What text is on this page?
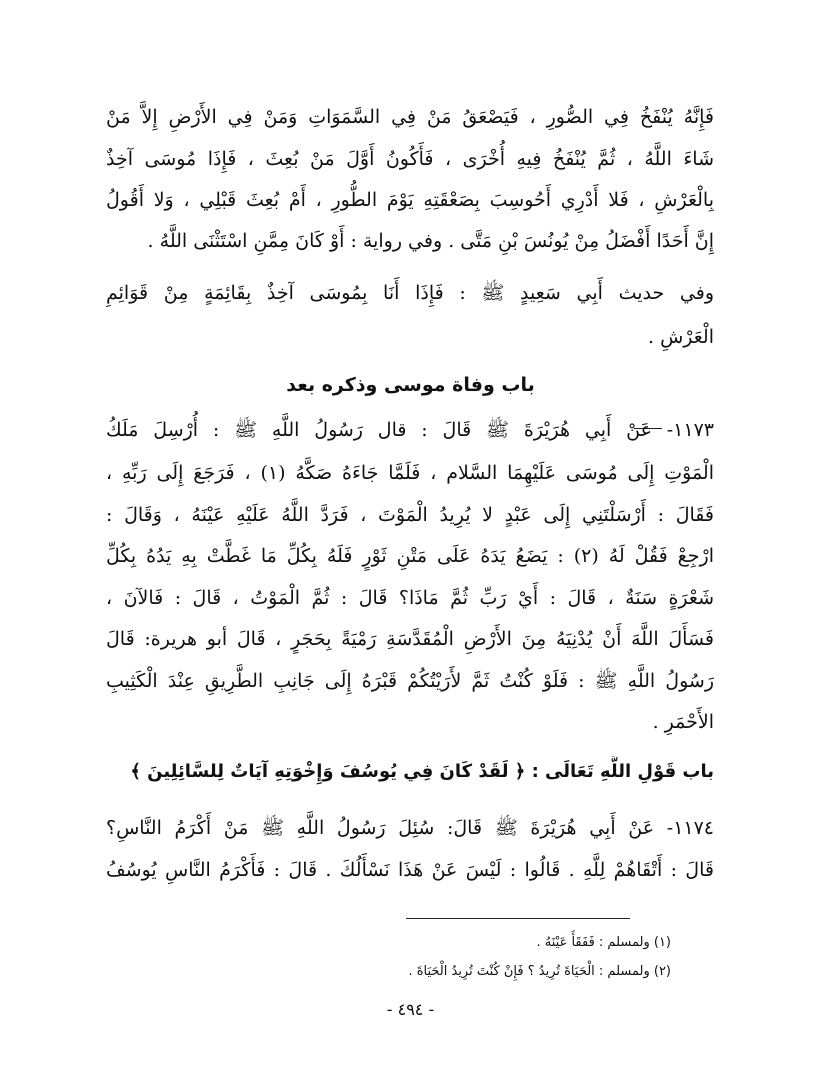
فَإِنَّهُ يُنْفَخُ فِي الصُّورِ ، فَيَصْعَقُ مَنْ فِي السَّمَوَاتِ وَمَنْ فِي الأَرْضِ إِلاَّ مَنْ
شَاءَ اللَّهُ ، ثُمَّ يُنْفَخُ فِيهِ أُخْرَى ، فَأَكُونُ أَوَّلَ مَنْ بُعِثَ ، فَإِذَا مُوسَى آخِذٌ
بِالْعَرْشِ ، فَلا أَدْرِي أَحُوسِبَ بِصَعْقَتِهِ يَوْمَ الطُّورِ ، أَمْ بُعِثَ قَبْلِي ، وَلا أَقُولُ
إِنَّ أَحَدًا أَفْضَلُ مِنْ يُونُسَ بْنِ مَتَّى . وفي رواية : أَوْ كَانَ مِمَّنِ اسْتَثْنَى اللَّهُ .
وفي حديث أَبِي سَعِيدٍ ﷺ : فَإِذَا أَنَا بِمُوسَى آخِذٌ بِقَائِمَةٍ مِنْ قَوَائِمِ
الْعَرْشِ .
باب وفاة موسى وذكره بعد
١١٧٣- عَنْ أَبِي هُرَيْرَةَ ﷺ قَالَ : قال رَسُولُ اللَّهِ ﷺ : أُرْسِلَ مَلَكُ
الْمَوْتِ إِلَى مُوسَى عَلَيْهِمَا السَّلام ، فَلَمَّا جَاءَهُ صَكَّهُ (١) ، فَرَجَعَ إِلَى رَبِّهِ ،
فَقَالَ : أَرْسَلْتَنِي إِلَى عَبْدٍ لا يُرِيدُ الْمَوْتَ ، فَرَدَّ اللَّهُ عَلَيْهِ عَيْنَهُ ، وَقَالَ :
ارْجِعْ فَقُلْ لَهُ (٢) : يَضَعُ يَدَهُ عَلَى مَتْنِ ثَوْرٍ فَلَهُ بِكُلِّ مَا غَطَّتْ بِهِ يَدُهُ بِكُلِّ
شَعْرَةٍ سَنَةٌ ، قَالَ : أَيْ رَبِّ ثُمَّ مَاذَا؟ قَالَ : ثُمَّ الْمَوْتُ ، قَالَ : فَالآنَ ،
فَسَأَلَ اللَّهَ أَنْ يُدْنِيَهُ مِنَ الأَرْضِ الْمُقَدَّسَةِ رَمْيَةً بِحَجَرٍ ، قَالَ أبو هريرة: قَالَ
رَسُولُ اللَّهِ ﷺ : فَلَوْ كُنْتُ ثَمَّ لأَرَيْتُكُمْ قَبْرَهُ إِلَى جَانِبِ الطَّرِيقِ عِنْدَ الْكَثِيبِ
الأَحْمَرِ .
باب قَوْلِ اللَّهِ تَعَالَى : ﴿ لَقَدْ كَانَ فِي يُوسُفَ وَإِخْوَتِهِ آيَاتٌ لِلسَّائِلِينَ ﴾
١١٧٤- عَنْ أَبِي هُرَيْرَةَ ﷺ قَالَ: سُئِلَ رَسُولُ اللَّهِ ﷺ مَنْ أَكْرَمُ النَّاسِ؟
قَالَ : أَتْقَاهُمْ لِلَّهِ . قَالُوا : لَيْسَ عَنْ هَذَا نَسْأَلُكَ . قَالَ : فَأَكْرَمُ النَّاسِ يُوسُفُ
(١) ولمسلم : فَفَقَأَ عَيْنَهُ .
(٢) ولمسلم : الْحَيَاةَ تُرِيدُ ؟ فَإِنْ كُنْتَ تُرِيدُ الْحَيَاةَ .
- ٤٩٤ -
